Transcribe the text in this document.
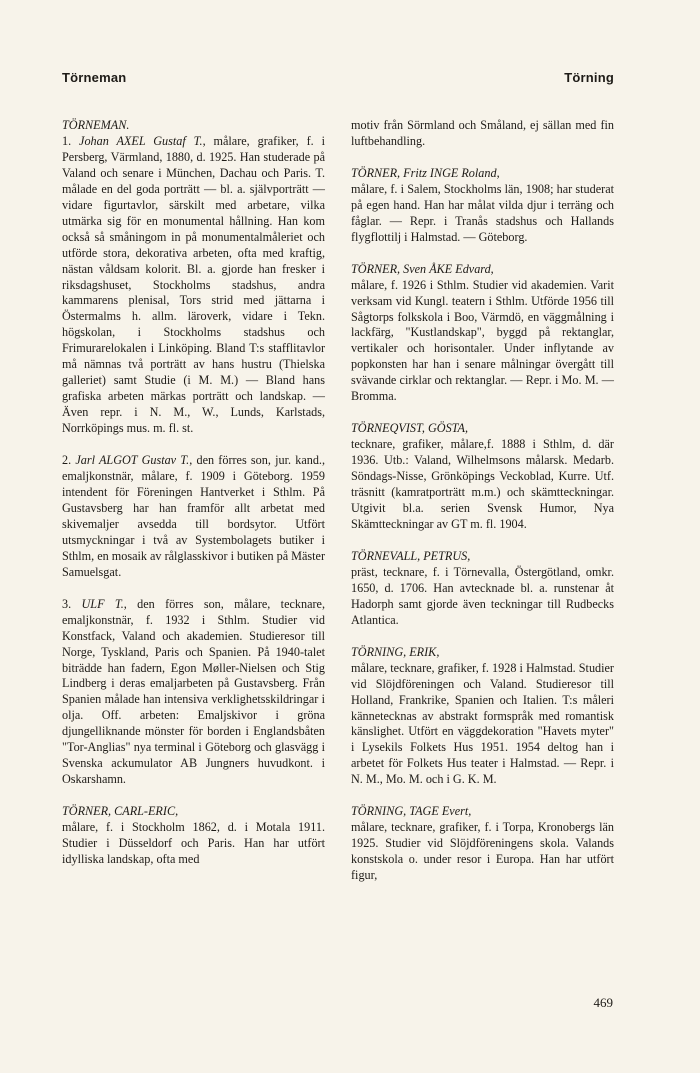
Törneman	Törning

TÖRNEMAN.

1. Johan AXEL Gustaf T., målare, grafiker, f. i Persberg, Värmland, 1880, d. 1925. Han studerade på Valand och senare i München, Dachau och Paris. T. målade en del goda porträtt — bl. a. självporträtt — vidare figurtavlor, särskilt med arbetare, vilka utmärka sig för en monumental hållning. Han kom också så småningom in på monumentalmåleriet och utförde stora, dekorativa arbeten, ofta med kraftig, nästan våldsam kolorit. Bl. a. gjorde han fresker i riksdagshuset, Stockholms stadshus, andra kammarens plenisal, Tors strid med jättarna i Östermalms h. allm. läroverk, vidare i Tekn. högskolan, i Stockholms stadshus och Frimurarelokalen i Linköping. Bland T:s stafflitavlor må nämnas två porträtt av hans hustru (Thielska galleriet) samt Studie (i M. M.) — Bland hans grafiska arbeten märkas porträtt och landskap. — Även repr. i N. M., W., Lunds, Karlstads, Norrköpings mus. m. fl. st.

2. Jarl ALGOT Gustav T., den förres son, jur. kand., emaljkonstnär, målare, f. 1909 i Göteborg. 1959 intendent för Föreningen Hantverket i Sthlm. På Gustavsberg har han framför allt arbetat med skivemaljer avsedda till bordsytor. Utfört utsmyckningar i två av Systembolagets butiker i Sthlm, en mosaik av rålglasskivor i butiken på Mäster Samuelsgat.

3. ULF T., den förres son, målare, tecknare, emaljkonstnär, f. 1932 i Sthlm. Studier vid Konstfack, Valand och akademien. Studieresor till Norge, Tyskland, Paris och Spanien. På 1940-talet biträdde han fadern, Egon Møller-Nielsen och Stig Lindberg i deras emaljarbeten på Gustavsberg. Från Spanien målade han intensiva verklighetsskildringar i olja. Off. arbeten: Emaljskivor i gröna djungelliknande mönster för borden i Englandsbåten "Tor-Anglias" nya terminal i Göteborg och glasvägg i Svenska ackumulator AB Jungners huvudkont. i Oskarshamn.

TÖRNER, CARL-ERIC,

målare, f. i Stockholm 1862, d. i Motala 1911. Studier i Düsseldorf och Paris. Han har utfört idylliska landskap, ofta med

motiv från Sörmland och Småland, ej sällan med fin luftbehandling.

TÖRNER, Fritz INGE Roland,

målare, f. i Salem, Stockholms län, 1908; har studerat på egen hand. Han har målat vilda djur i terräng och fåglar. — Repr. i Tranås stadshus och Hallands flygflottilj i Halmstad. — Göteborg.

TÖRNER, Sven ÅKE Edvard,

målare, f. 1926 i Sthlm. Studier vid akademien. Varit verksam vid Kungl. teatern i Sthlm. Utförde 1956 till Sågtorps folkskola i Boo, Värmdö, en väggmålning i lackfärg, "Kustlandskap", byggd på rektanglar, vertikaler och horisontaler. Under inflytande av popkonsten har han i senare målningar övergått till svävande cirklar och rektanglar. — Repr. i Mo. M. — Bromma.

TÖRNEQVIST, GÖSTA,

tecknare, grafiker, målare,f. 1888 i Sthlm, d. där 1936. Utb.: Valand, Wilhelmsons målarsk. Medarb. Söndags-Nisse, Grönköpings Veckoblad, Kurre. Utf. träsnitt (kamratporträtt m.m.) och skämtteckningar. Utgivit bl.a. serien Svensk Humor, Nya Skämtteckningar av GT m. fl. 1904.

TÖRNEVALL, PETRUS,

präst, tecknare, f. i Törnevalla, Östergötland, omkr. 1650, d. 1706. Han avtecknade bl. a. runstenar åt Hadorph samt gjorde även teckningar till Rudbecks Atlantica.

TÖRNING, ERIK,

målare, tecknare, grafiker, f. 1928 i Halmstad. Studier vid Slöjdföreningen och Valand. Studieresor till Holland, Frankrike, Spanien och Italien. T:s måleri kännetecknas av abstrakt formspråk med romantisk känslighet. Utfört en väggdekoration "Havets myter" i Lysekils Folkets Hus 1951. 1954 deltog han i arbetet för Folkets Hus teater i Halmstad. — Repr. i N. M., Mo. M. och i G. K. M.

TÖRNING, TAGE Evert,

målare, tecknare, grafiker, f. i Torpa, Kronobergs län 1925. Studier vid Slöjdföreningens skola. Valands konstskola o. under resor i Europa. Han har utfört figur,

469
